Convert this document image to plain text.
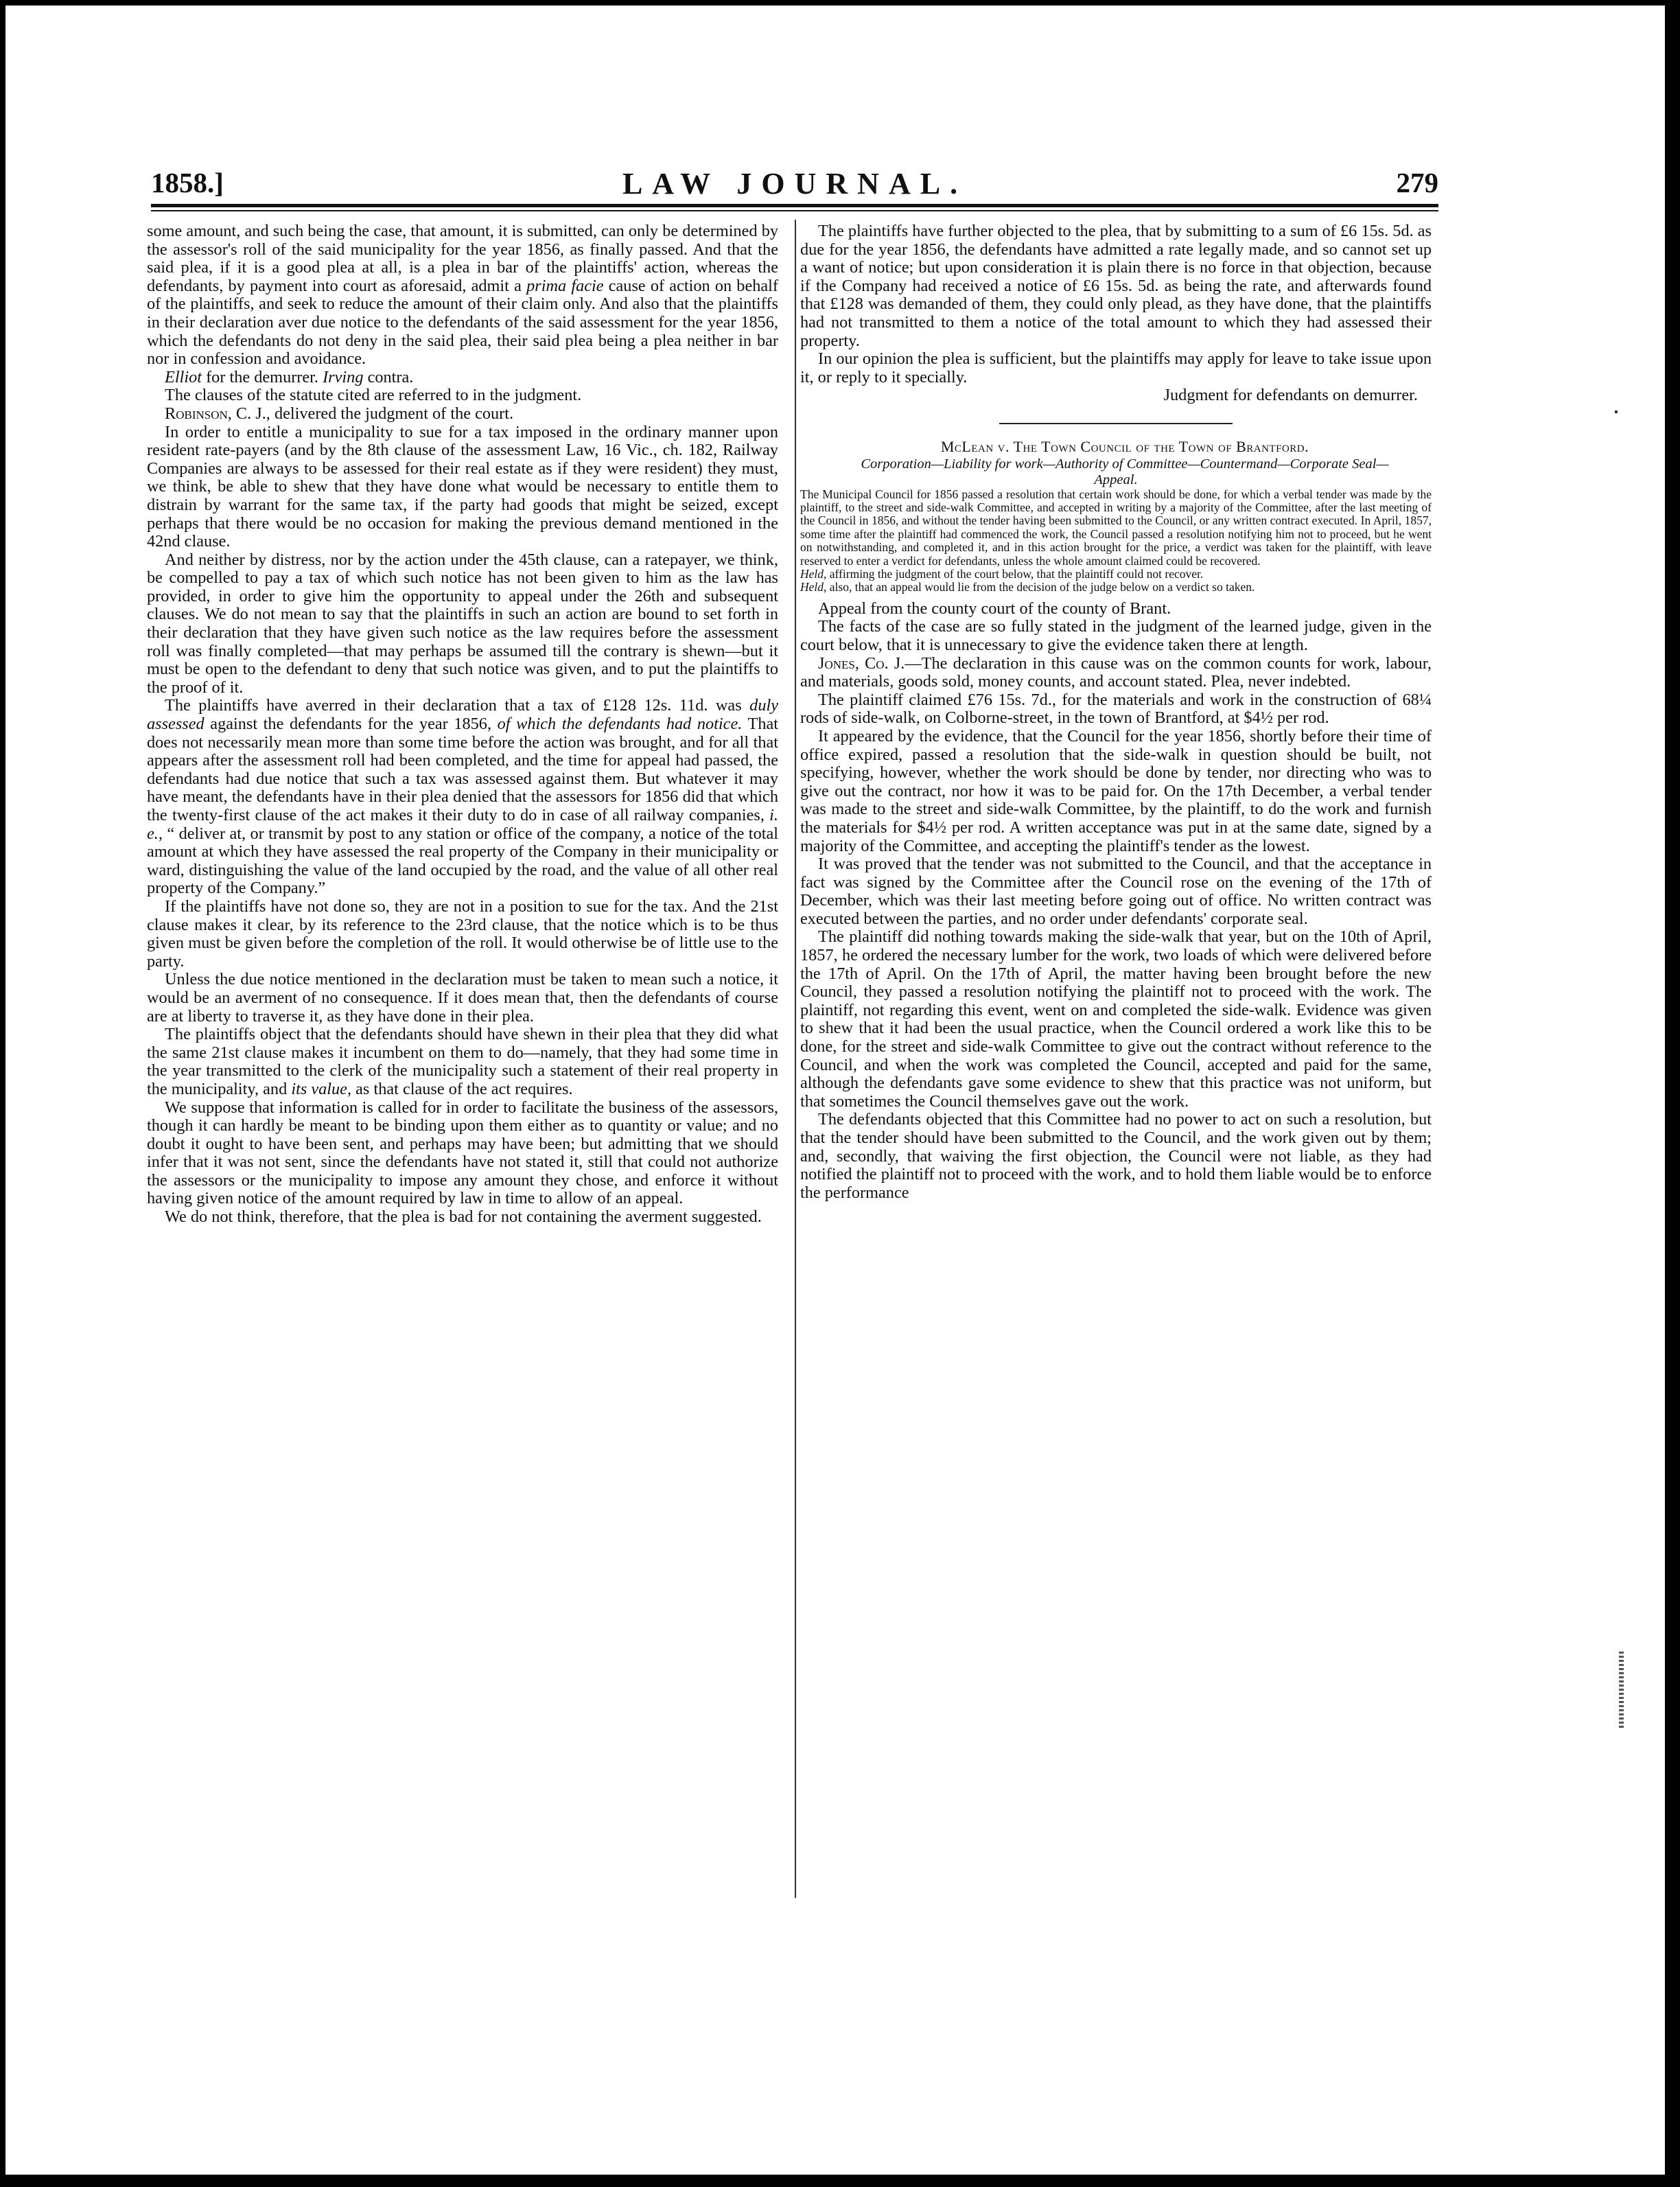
1858.]	LAW JOURNAL.	279

some amount, and such being the case, that amount, it is submitted, can only be determined by the assessor's roll of the said municipality for the year 1856, as finally passed. And that the said plea, if it is a good plea at all, is a plea in bar of the plaintiffs' action, whereas the defendants, by payment into court as aforesaid, admit a prima facie cause of action on behalf of the plaintiffs, and seek to reduce the amount of their claim only. And also that the plaintiffs in their declaration aver due notice to the defendants of the said assessment for the year 1856, which the defendants do not deny in the said plea, their said plea being a plea neither in bar nor in confession and avoidance.

Elliot for the demurrer. Irving contra.

The clauses of the statute cited are referred to in the judgment.

Robinson, C. J., delivered the judgment of the court.

In order to entitle a municipality to sue for a tax imposed in the ordinary manner upon resident rate-payers (and by the 8th clause of the assessment Law, 16 Vic., ch. 182, Railway Companies are always to be assessed for their real estate as if they were resident) they must, we think, be able to shew that they have done what would be necessary to entitle them to distrain by warrant for the same tax, if the party had goods that might be seized, except perhaps that there would be no occasion for making the previous demand mentioned in the 42nd clause.

And neither by distress, nor by the action under the 45th clause, can a ratepayer, we think, be compelled to pay a tax of which such notice has not been given to him as the law has provided, in order to give him the opportunity to appeal under the 26th and subsequent clauses. We do not mean to say that the plaintiffs in such an action are bound to set forth in their declaration that they have given such notice as the law requires before the assessment roll was finally completed—that may perhaps be assumed till the contrary is shewn—but it must be open to the defendant to deny that such notice was given, and to put the plaintiffs to the proof of it.

The plaintiffs have averred in their declaration that a tax of £128 12s. 11d. was duly assessed against the defendants for the year 1856, of which the defendants had notice. That does not necessarily mean more than some time before the action was brought, and for all that appears after the assessment roll had been completed, and the time for appeal had passed, the defendants had due notice that such a tax was assessed against them. But whatever it may have meant, the defendants have in their plea denied that the assessors for 1856 did that which the twenty-first clause of the act makes it their duty to do in case of all railway companies, i. e., “ deliver at, or transmit by post to any station or office of the company, a notice of the total amount at which they have assessed the real property of the Company in their municipality or ward, distinguishing the value of the land occupied by the road, and the value of all other real property of the Company.”

If the plaintiffs have not done so, they are not in a position to sue for the tax. And the 21st clause makes it clear, by its reference to the 23rd clause, that the notice which is to be thus given must be given before the completion of the roll. It would otherwise be of little use to the party.

Unless the due notice mentioned in the declaration must be taken to mean such a notice, it would be an averment of no consequence. If it does mean that, then the defendants of course are at liberty to traverse it, as they have done in their plea.

The plaintiffs object that the defendants should have shewn in their plea that they did what the same 21st clause makes it incumbent on them to do—namely, that they had some time in the year transmitted to the clerk of the municipality such a statement of their real property in the municipality, and its value, as that clause of the act requires.

We suppose that information is called for in order to facilitate the business of the assessors, though it can hardly be meant to be binding upon them either as to quantity or value; and no doubt it ought to have been sent, and perhaps may have been; but admitting that we should infer that it was not sent, since the defendants have not stated it, still that could not authorize the assessors or the municipality to impose any amount they chose, and enforce it without having given notice of the amount required by law in time to allow of an appeal.

We do not think, therefore, that the plea is bad for not containing the averment suggested.

The plaintiffs have further objected to the plea, that by submitting to a sum of £6 15s. 5d. as due for the year 1856, the defendants have admitted a rate legally made, and so cannot set up a want of notice; but upon consideration it is plain there is no force in that objection, because if the Company had received a notice of £6 15s. 5d. as being the rate, and afterwards found that £128 was demanded of them, they could only plead, as they have done, that the plaintiffs had not transmitted to them a notice of the total amount to which they had assessed their property.

In our opinion the plea is sufficient, but the plaintiffs may apply for leave to take issue upon it, or reply to it specially.

Judgment for defendants on demurrer.

McLean v. The Town Council of the Town of Brantford.

Corporation—Liability for work—Authority of Committee—Countermand—Corporate Seal—Appeal.

The Municipal Council for 1856 passed a resolution that certain work should be done, for which a verbal tender was made by the plaintiff, to the street and side-walk Committee, and accepted in writing by a majority of the Committee, after the last meeting of the Council in 1856, and without the tender having been submitted to the Council, or any written contract executed. In April, 1857, some time after the plaintiff had commenced the work, the Council passed a resolution notifying him not to proceed, but he went on notwithstanding, and completed it, and in this action brought for the price, a verdict was taken for the plaintiff, with leave reserved to enter a verdict for defendants, unless the whole amount claimed could be recovered.

Held, affirming the judgment of the court below, that the plaintiff could not recover.

Held, also, that an appeal would lie from the decision of the judge below on a verdict so taken.

Appeal from the county court of the county of Brant.

The facts of the case are so fully stated in the judgment of the learned judge, given in the court below, that it is unnecessary to give the evidence taken there at length.

Jones, Co. J.—The declaration in this cause was on the common counts for work, labour, and materials, goods sold, money counts, and account stated. Plea, never indebted.

The plaintiff claimed £76 15s. 7d., for the materials and work in the construction of 68¼ rods of side-walk, on Colborne-street, in the town of Brantford, at $4½ per rod.

It appeared by the evidence, that the Council for the year 1856, shortly before their time of office expired, passed a resolution that the side-walk in question should be built, not specifying, however, whether the work should be done by tender, nor directing who was to give out the contract, nor how it was to be paid for. On the 17th December, a verbal tender was made to the street and side-walk Committee, by the plaintiff, to do the work and furnish the materials for $4½ per rod. A written acceptance was put in at the same date, signed by a majority of the Committee, and accepting the plaintiff's tender as the lowest.

It was proved that the tender was not submitted to the Council, and that the acceptance in fact was signed by the Committee after the Council rose on the evening of the 17th of December, which was their last meeting before going out of office. No written contract was executed between the parties, and no order under defendants' corporate seal.

The plaintiff did nothing towards making the side-walk that year, but on the 10th of April, 1857, he ordered the necessary lumber for the work, two loads of which were delivered before the 17th of April. On the 17th of April, the matter having been brought before the new Council, they passed a resolution notifying the plaintiff not to proceed with the work. The plaintiff, not regarding this event, went on and completed the side-walk. Evidence was given to shew that it had been the usual practice, when the Council ordered a work like this to be done, for the street and side-walk Committee to give out the contract without reference to the Council, and when the work was completed the Council, accepted and paid for the same, although the defendants gave some evidence to shew that this practice was not uniform, but that sometimes the Council themselves gave out the work.

The defendants objected that this Committee had no power to act on such a resolution, but that the tender should have been submitted to the Council, and the work given out by them; and, secondly, that waiving the first objection, the Council were not liable, as they had notified the plaintiff not to proceed with the work, and to hold them liable would be to enforce the performance
